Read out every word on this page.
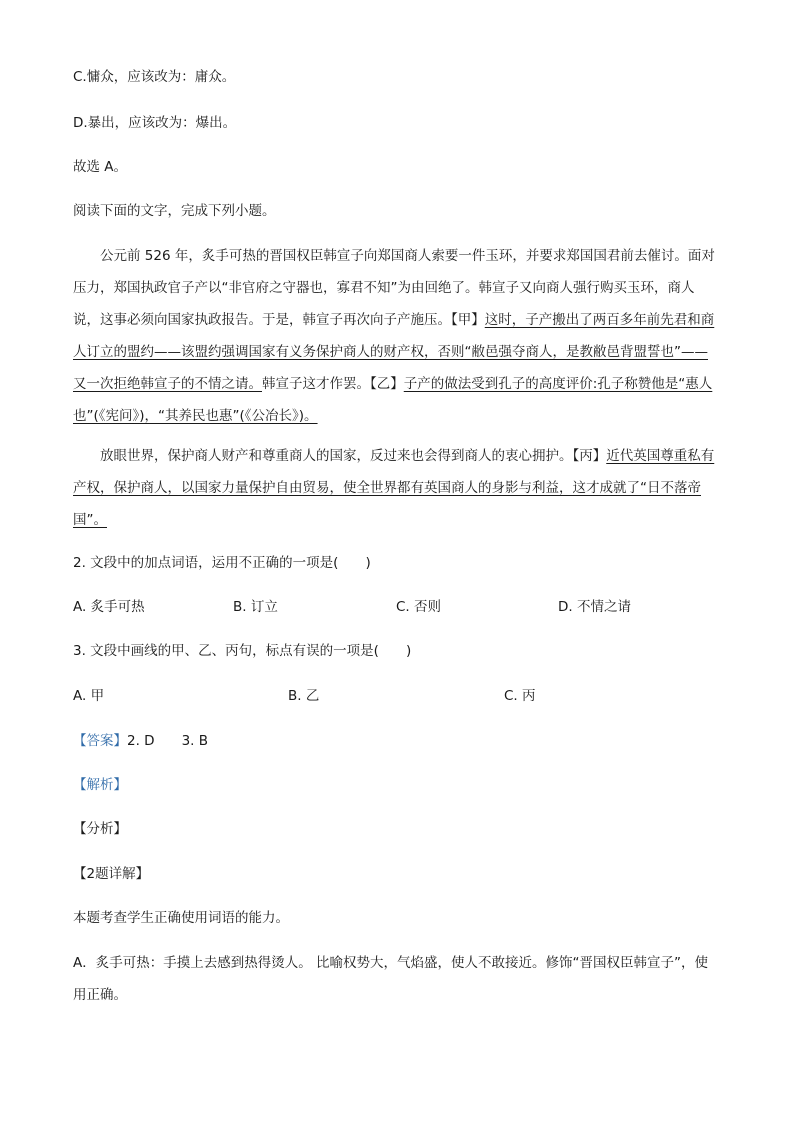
C.慵众，应该改为：庸众。
D.暴出，应该改为：爆出。
故选 A。
阅读下面的文字，完成下列小题。
公元前 526 年，炙手可热的晋国权臣韩宣子向郑国商人索要一件玉环，并要求郑国国君前去催讨。面对压力，郑国执政官子产以“非官府之守器也，寡君不知”为由回绝了。韩宣子又向商人强行购买玉环，商人说，这事必须向国家执政报告。于是，韩宣子再次向子产施压。【甲】这时，子产搬出了两百多年前先君和商人订立的盟约——该盟约强调国家有义务保护商人的财产权，否则“敝邑强夺商人，是教敝邑背盟誓也”——又一次拒绝韩宣子的不情之请。韩宣子这才作罢。【乙】子产的做法受到孔子的高度评价:孔子称赞他是“惠人也”(《宪问》)，“其养民也惠”(《公冶长》)。
放眼世界，保护商人财产和尊重商人的国家，反过来也会得到商人的衷心拥护。【丙】近代英国尊重私有产权，保护商人，以国家力量保护自由贸易，使全世界都有英国商人的身影与利益，这才成就了“日不落帝国”。
2. 文段中的加点词语，运用不正确的一项是(　　)
A. 炙手可热	B. 订立	C. 否则	D. 不情之请
3. 文段中画线的甲、乙、丙句，标点有误的一项是(　　)
A. 甲	B. 乙	C. 丙
【答案】2. D　　3. B
【解析】
【分析】
【2题详解】
本题考查学生正确使用词语的能力。
A．炙手可热：手摸上去感到热得烫人。 比喻权势大，气焰盛，使人不敢接近。修饰“晋国权臣韩宣子”，使用正确。
